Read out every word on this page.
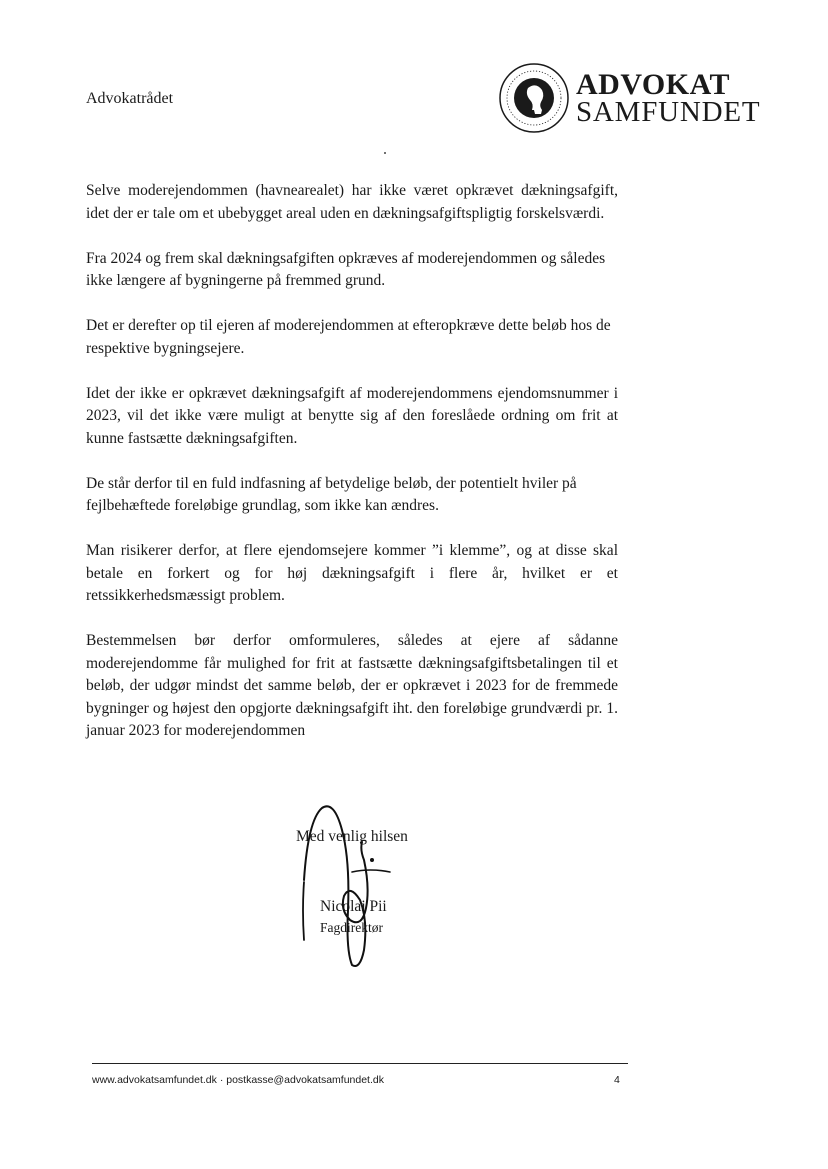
Advokatrådet	ADVOKAT
SAMFUNDET

Selve moderejendommen (havnearealet) har ikke været opkrævet dækningsafgift, idet der er tale om et ubebygget areal uden en dækningsafgiftspligtig forskelsværdi.

Fra 2024 og frem skal dækningsafgiften opkræves af moderejendommen og således ikke længere af bygningerne på fremmed grund.

Det er derefter op til ejeren af moderejendommen at efteropkræve dette beløb hos de respektive bygningsejere.

Idet der ikke er opkrævet dækningsafgift af moderejendommens ejendomsnummer i 2023, vil det ikke være muligt at benytte sig af den foreslåede ordning om frit at kunne fastsætte dækningsafgiften.

De står derfor til en fuld indfasning af betydelige beløb, der potentielt hviler på fejlbehæftede foreløbige grundlag, som ikke kan ændres.

Man risikerer derfor, at flere ejendomsejere kommer ”i klemme”, og at disse skal betale en forkert og for høj dækningsafgift i flere år, hvilket er et retssikkerhedsmæssigt problem.

Bestemmelsen bør derfor omformuleres, således at ejere af sådanne moderejendomme får mulighed for frit at fastsætte dækningsafgiftsbetalingen til et beløb, der udgør mindst det samme beløb, der er opkrævet i 2023 for de fremmede bygninger og højest den opgjorte dækningsafgift iht. den foreløbige grundværdi pr. 1. januar 2023 for moderejendommen

Med venlig hilsen
Nicolai Pii
Fagdirektør
www.advokatsamfundet.dk · postkasse@advokatsamfundet.dk	4
